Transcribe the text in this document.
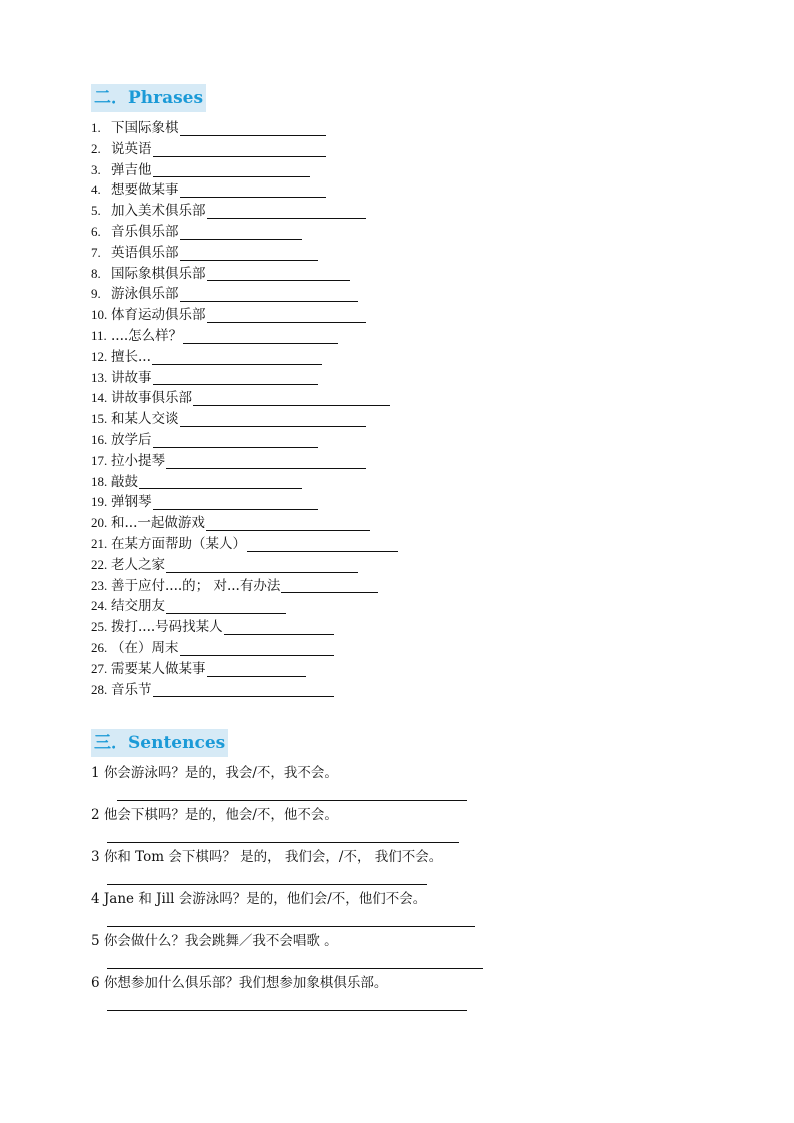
二．Phrases
1. 下国际象棋
2. 说英语
3. 弹吉他
4. 想要做某事
5. 加入美术俱乐部
6. 音乐俱乐部
7. 英语俱乐部
8. 国际象棋俱乐部
9. 游泳俱乐部
10. 体育运动俱乐部
11. ....怎么样？
12. 擅长...
13. 讲故事
14. 讲故事俱乐部
15. 和某人交谈
16. 放学后
17. 拉小提琴
18. 敲鼓
19. 弹钢琴
20. 和...一起做游戏
21. 在某方面帮助（某人）
22. 老人之家
23. 善于应付....的； 对...有办法
24. 结交朋友
25. 拨打....号码找某人
26. （在）周末
27. 需要某人做某事
28. 音乐节
三．Sentences
1 你会游泳吗？是的，我会/不，我不会。
2 他会下棋吗？是的，他会/不，他不会。
3 你和 Tom 会下棋吗？ 是的， 我们会，/不， 我们不会。
4 Jane 和 Jill 会游泳吗？是的，他们会/不，他们不会。
5 你会做什么？我会跳舞／我不会唱歌 。
6 你想参加什么俱乐部？我们想参加象棋俱乐部。
